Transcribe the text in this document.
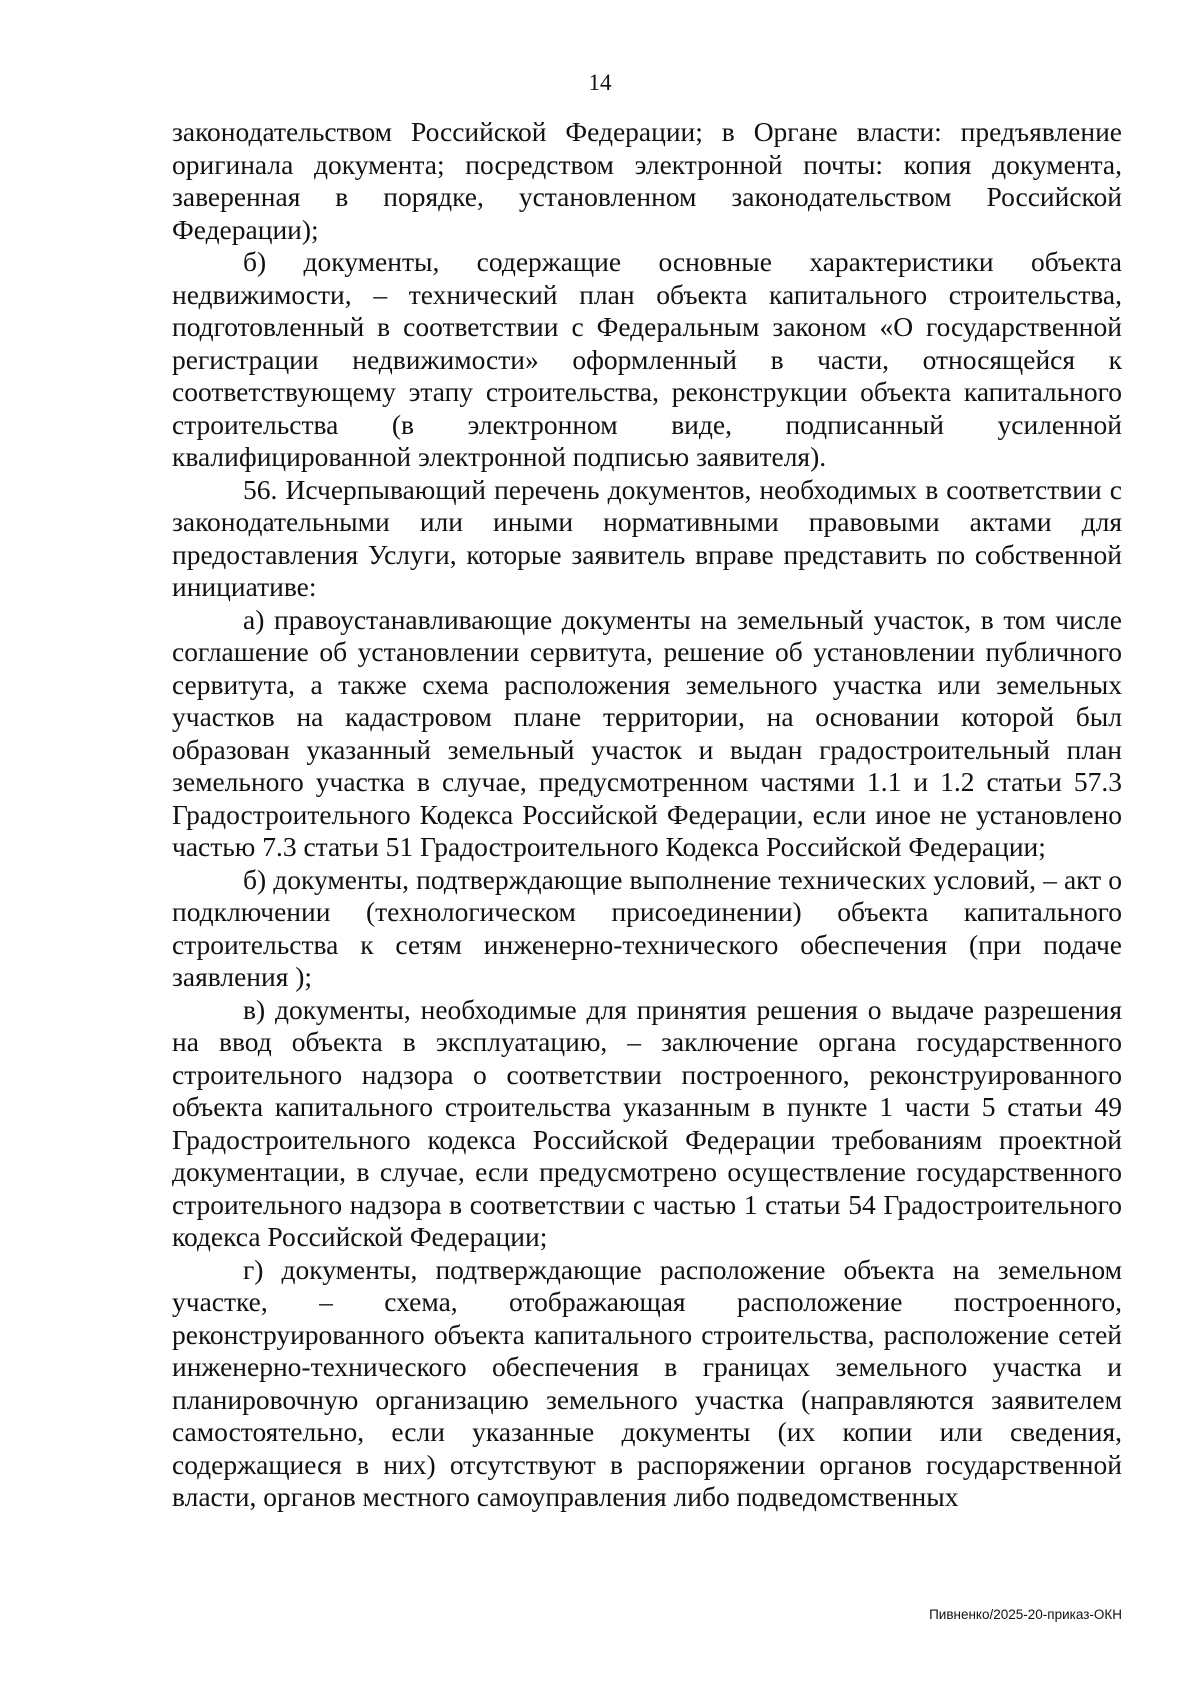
14

законодательством Российской Федерации; в Органе власти: предъявление оригинала документа; посредством электронной почты: копия документа, заверенная в порядке, установленном законодательством Российской Федерации);

б) документы, содержащие основные характеристики объекта недвижимости, – технический план объекта капитального строительства, подготовленный в соответствии с Федеральным законом «О государственной регистрации недвижимости» оформленный в части, относящейся к соответствующему этапу строительства, реконструкции объекта капитального строительства (в электронном виде, подписанный усиленной квалифицированной электронной подписью заявителя).

56. Исчерпывающий перечень документов, необходимых в соответствии с законодательными или иными нормативными правовыми актами для предоставления Услуги, которые заявитель вправе представить по собственной инициативе:

а) правоустанавливающие документы на земельный участок, в том числе соглашение об установлении сервитута, решение об установлении публичного сервитута, а также схема расположения земельного участка или земельных участков на кадастровом плане территории, на основании которой был образован указанный земельный участок и выдан градостроительный план земельного участка в случае, предусмотренном частями 1.1 и 1.2 статьи 57.3 Градостроительного Кодекса Российской Федерации, если иное не установлено частью 7.3 статьи 51 Градостроительного Кодекса Российской Федерации;

б) документы, подтверждающие выполнение технических условий, – акт о подключении (технологическом присоединении) объекта капитального строительства к сетям инженерно-технического обеспечения (при подаче заявления );

в) документы, необходимые для принятия решения о выдаче разрешения на ввод объекта в эксплуатацию, – заключение органа государственного строительного надзора о соответствии построенного, реконструированного объекта капитального строительства указанным в пункте 1 части 5 статьи 49 Градостроительного кодекса Российской Федерации требованиям проектной документации, в случае, если предусмотрено осуществление государственного строительного надзора в соответствии с частью 1 статьи 54 Градостроительного кодекса Российской Федерации;

г) документы, подтверждающие расположение объекта на земельном участке, – схема, отображающая расположение построенного, реконструированного объекта капитального строительства, расположение сетей инженерно-технического обеспечения в границах земельного участка и планировочную организацию земельного участка (направляются заявителем самостоятельно, если указанные документы (их копии или сведения, содержащиеся в них) отсутствуют в распоряжении органов государственной власти, органов местного самоуправления либо подведомственных

Пивненко/2025-20-приказ-ОКН
